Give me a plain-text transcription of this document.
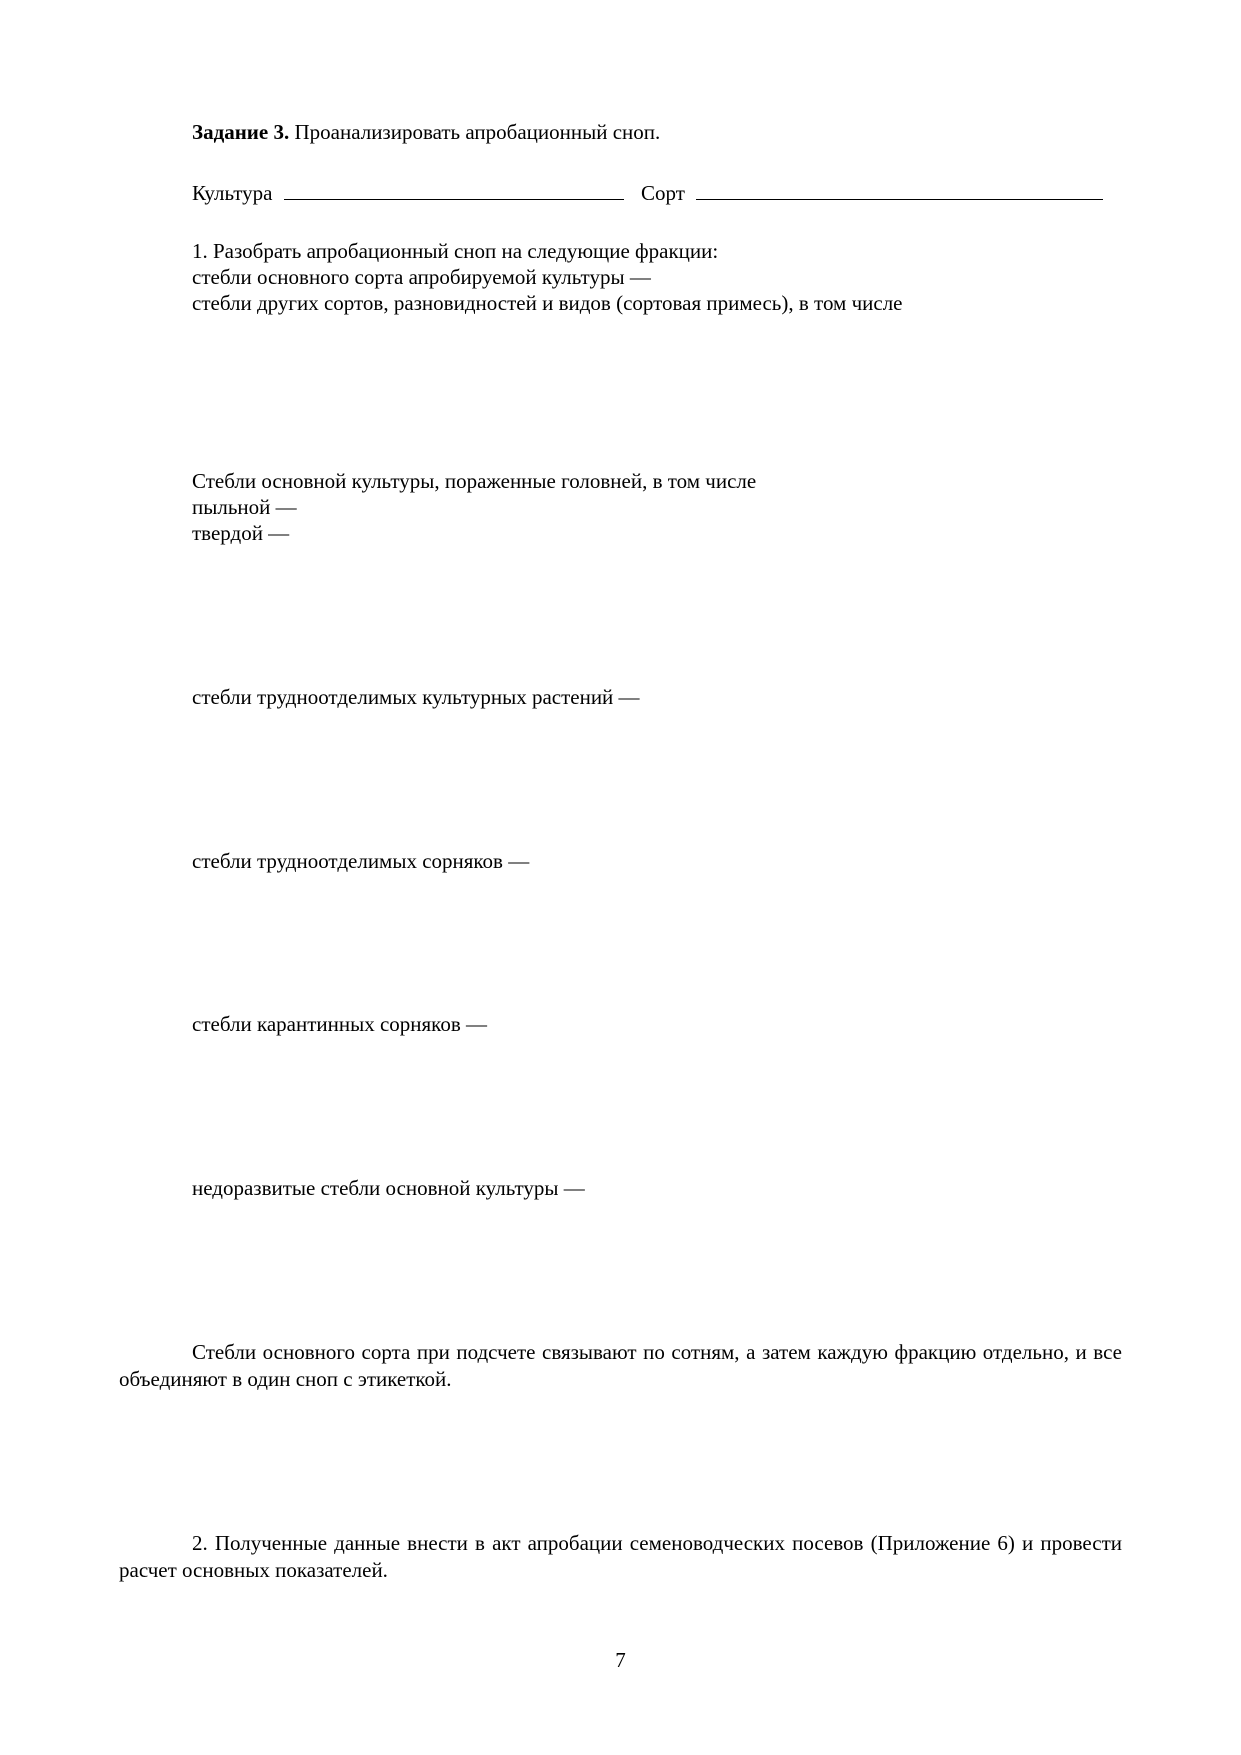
Задание 3. Проанализировать апробационный сноп.
Культура	Сорт
1. Разобрать апробационный сноп на следующие фракции:
стебли основного сорта апробируемой культуры —
стебли других сортов, разновидностей и видов (сортовая примесь), в том числе
Стебли основной культуры, пораженные головней, в том числе
пыльной —
твердой —
стебли трудноотделимых культурных растений —
стебли трудноотделимых сорняков —
стебли карантинных сорняков —
недоразвитые стебли основной культуры —
Стебли основного сорта при подсчете связывают по сотням, а затем каждую фракцию отдельно, и все объединяют в один сноп с этикеткой.
2. Полученные данные внести в акт апробации семеноводческих посевов (Приложение 6) и провести расчет основных показателей.
7
